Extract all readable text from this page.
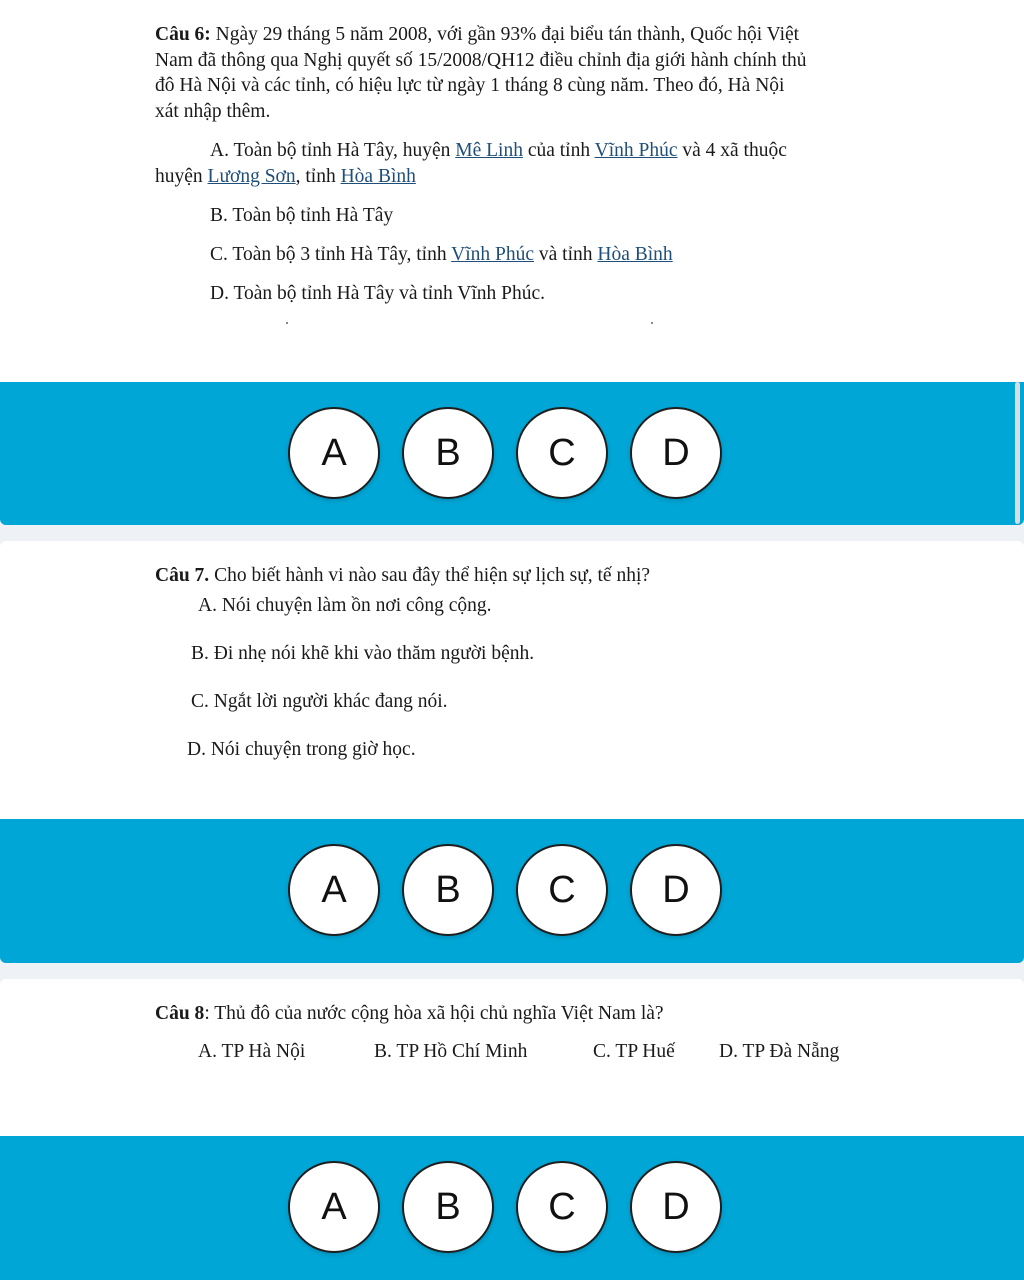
Câu 6: Ngày 29 tháng 5 năm 2008, với gần 93% đại biểu tán thành, Quốc hội Việt
Nam đã thông qua Nghị quyết số 15/2008/QH12 điều chỉnh địa giới hành chính thủ
đô Hà Nội và các tỉnh, có hiệu lực từ ngày 1 tháng 8 cùng năm. Theo đó, Hà Nội
xát nhập thêm.

A. Toàn bộ tỉnh Hà Tây, huyện Mê Linh của tỉnh Vĩnh Phúc và 4 xã thuộc
huyện Lương Sơn, tỉnh Hòa Bình
B. Toàn bộ tỉnh Hà Tây
C. Toàn bộ 3 tỉnh Hà Tây, tỉnh Vĩnh Phúc và tỉnh Hòa Bình
D. Toàn bộ tỉnh Hà Tây và tỉnh Vĩnh Phúc.
A	B	C	D

Câu 7. Cho biết hành vi nào sau đây thể hiện sự lịch sự, tế nhị?

A. Nói chuyện làm ồn nơi công cộng.
B. Đi nhẹ nói khẽ khi vào thăm người bệnh.
C. Ngắt lời người khác đang nói.
D. Nói chuyện trong giờ học.
A	B	C	D

Câu 8: Thủ đô của nước cộng hòa xã hội chủ nghĩa Việt Nam là?

A. TP Hà Nội	B. TP Hồ Chí Minh	C. TP Huế D. TP Đà Nẵng
A	B	C	D
